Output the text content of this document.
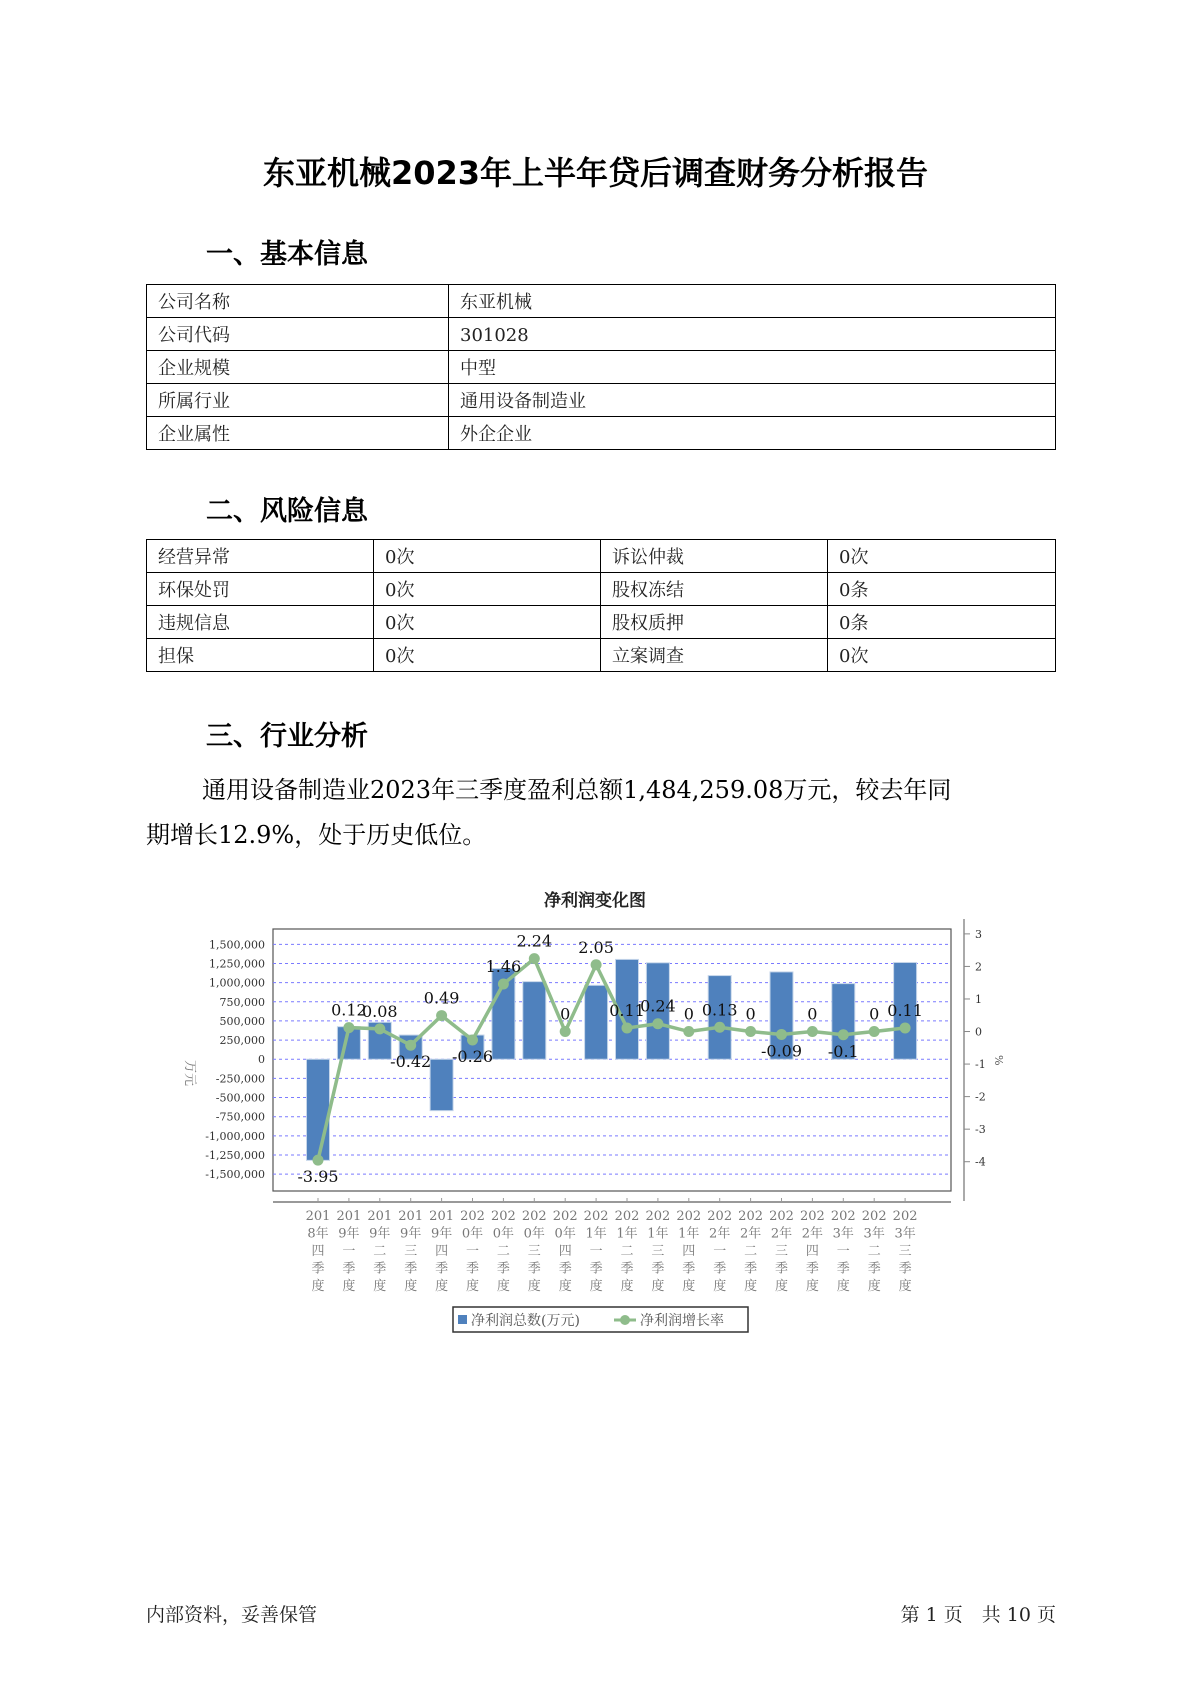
东亚机械2023年上半年贷后调查财务分析报告
一、基本信息
公司名称	东亚机械
公司代码	301028
企业规模	中型
所属行业	通用设备制造业
企业属性	外企企业
二、风险信息
经营异常	0次	诉讼仲裁	0次
环保处罚	0次	股权冻结	0条
违规信息	0次	股权质押	0条
担保	0次	立案调查	0次
三、行业分析
通用设备制造业2023年三季度盈利总额1,484,259.08万元，较去年同
期增长12.9%，处于历史低位。
净利润变化图
1,500,000
1,250,000
1,000,000
750,000
500,000
250,000
0
-250,000
-500,000
-750,000
-1,000,000
-1,250,000
-1,500,000
3
2
1
0
-1
-2
-3
-4
万元	%
-3.95
0.12
0.08
-0.42
0.49
-0.26
1.46
2.24
0
2.05
0.11
0.24 0 0.13 0
-0.09
0
-0.1
0 0.11
201
8年
四
季
度
201
9年
一
季
度
201
9年
二
季
度
201
9年
三
季
度
201
9年
四
季
度
202
0年
一
季
度
202
0年
二
季
度
202
0年
三
季
度
202
0年
四
季
度
202
1年
一
季
度
202
1年
二
季
度
202
1年
三
季
度
202
1年
四
季
度
202
2年
一
季
度
202
2年
二
季
度
202
2年
三
季
度
202
2年
四
季
度
202
3年
一
季
度
202
3年
二
季
度
202
3年
三
季
度
净利润总数(万元)	净利润增长率
内部资料，妥善保管	第 1 页　共 10 页
